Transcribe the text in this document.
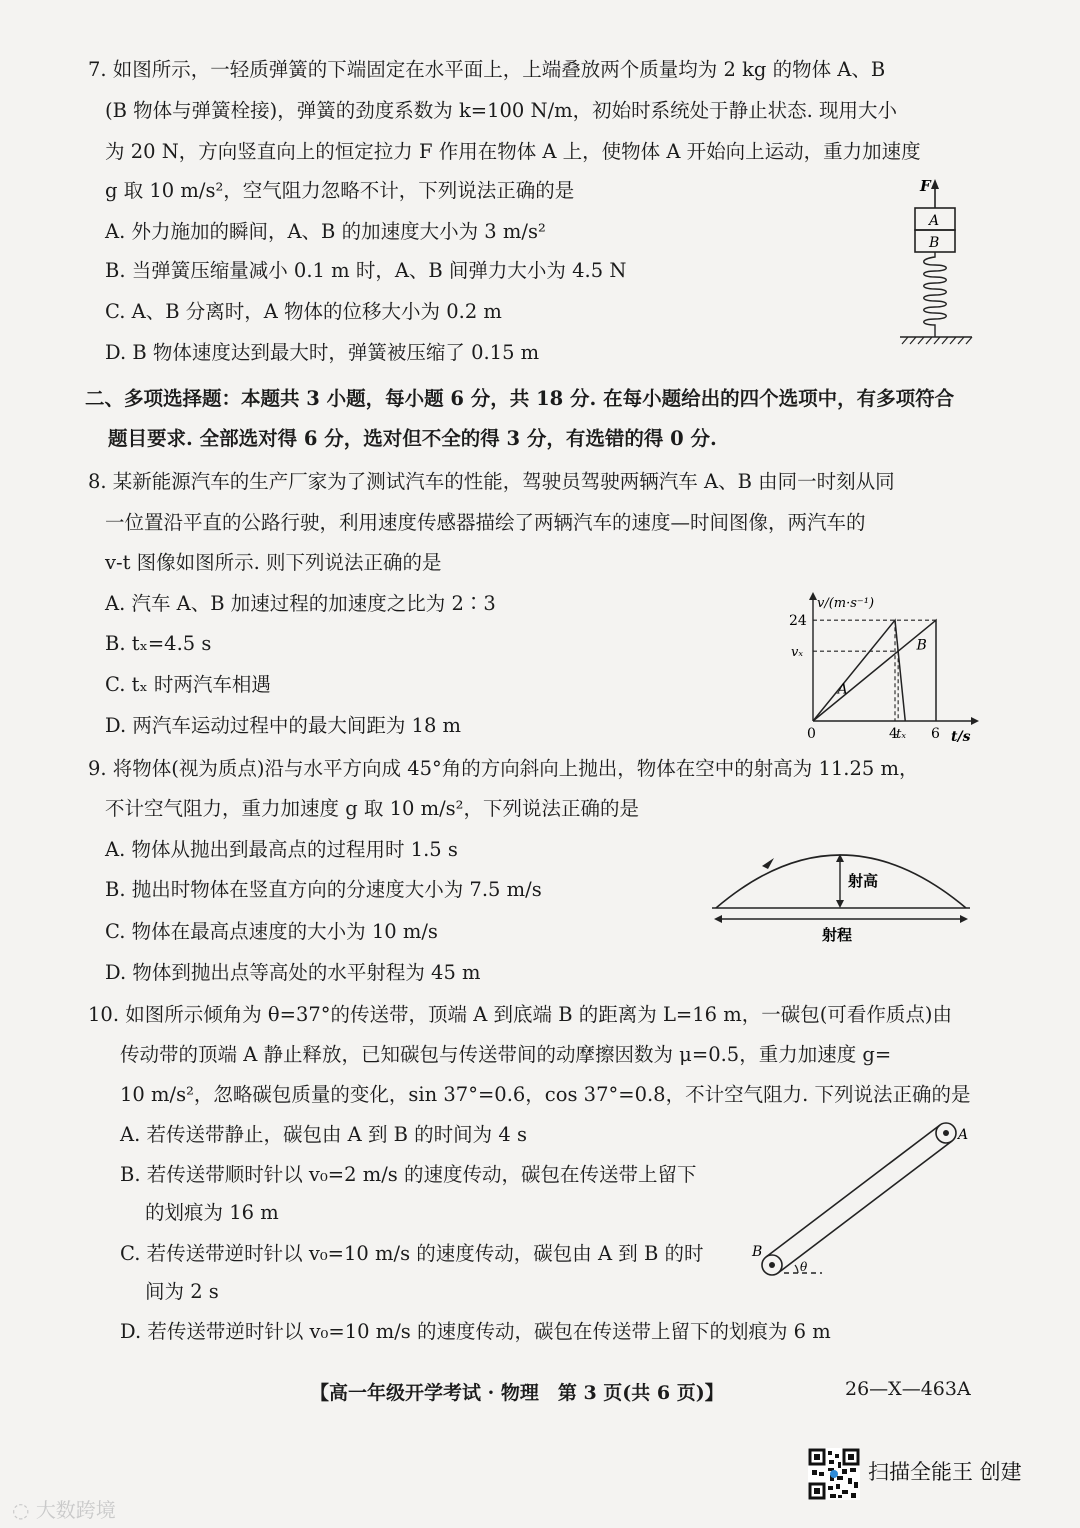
7. 如图所示，一轻质弹簧的下端固定在水平面上，上端叠放两个质量均为 2 kg 的物体 A、B
(B 物体与弹簧栓接)，弹簧的劲度系数为 k=100 N/m，初始时系统处于静止状态. 现用大小
为 20 N，方向竖直向上的恒定拉力 F 作用在物体 A 上，使物体 A 开始向上运动，重力加速度
g 取 10 m/s²，空气阻力忽略不计，下列说法正确的是
A. 外力施加的瞬间，A、B 的加速度大小为 3 m/s²
B. 当弹簧压缩量减小 0.1 m 时，A、B 间弹力大小为 4.5 N
C. A、B 分离时，A 物体的位移大小为 0.2 m
D. B 物体速度达到最大时，弹簧被压缩了 0.15 m
F
A
B
二、多项选择题：本题共 3 小题，每小题 6 分，共 18 分. 在每小题给出的四个选项中，有多项符合
题目要求. 全部选对得 6 分，选对但不全的得 3 分，有选错的得 0 分.
8. 某新能源汽车的生产厂家为了测试汽车的性能，驾驶员驾驶两辆汽车 A、B 由同一时刻从同
一位置沿平直的公路行驶，利用速度传感器描绘了两辆汽车的速度—时间图像，两汽车的
v-t 图像如图所示. 则下列说法正确的是
A. 汽车 A、B 加速过程的加速度之比为 2∶3
B. tₓ=4.5 s
C. tₓ 时两汽车相遇
D. 两汽车运动过程中的最大间距为 18 m
v/(m·s⁻¹)
t/s
A
B
24
vₓ
0	4
tₓ 6
9. 将物体(视为质点)沿与水平方向成 45°角的方向斜向上抛出，物体在空中的射高为 11.25 m，
不计空气阻力，重力加速度 g 取 10 m/s²，下列说法正确的是
A. 物体从抛出到最高点的过程用时 1.5 s
B. 抛出时物体在竖直方向的分速度大小为 7.5 m/s
C. 物体在最高点速度的大小为 10 m/s
D. 物体到抛出点等高处的水平射程为 45 m
射高
射程
10. 如图所示倾角为 θ=37°的传送带，顶端 A 到底端 B 的距离为 L=16 m，一碳包(可看作质点)由
传动带的顶端 A 静止释放，已知碳包与传送带间的动摩擦因数为 μ=0.5，重力加速度 g=
10 m/s²，忽略碳包质量的变化，sin 37°=0.6，cos 37°=0.8，不计空气阻力. 下列说法正确的是
A. 若传送带静止，碳包由 A 到 B 的时间为 4 s
B. 若传送带顺时针以 v₀=2 m/s 的速度传动，碳包在传送带上留下
的划痕为 16 m
C. 若传送带逆时针以 v₀=10 m/s 的速度传动，碳包由 A 到 B 的时
间为 2 s
D. 若传送带逆时针以 v₀=10 m/s 的速度传动，碳包在传送带上留下的划痕为 6 m
A
B
θ
【高一年级开学考试 · 物理　第 3 页(共 6 页)】	26—X—463A
扫描全能王 创建
◌ 大数跨境
